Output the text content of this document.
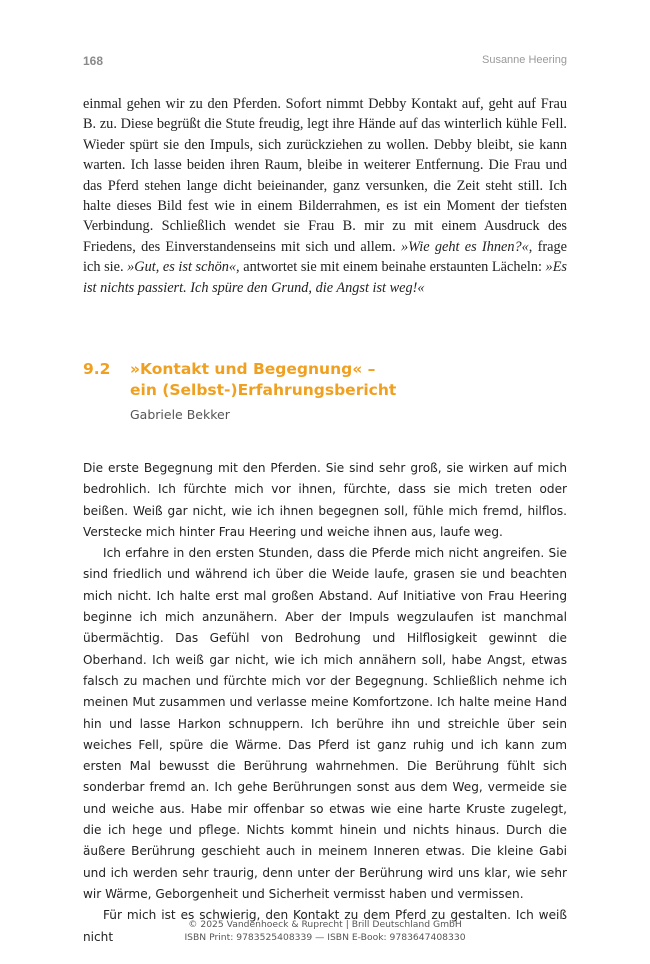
168	Susanne Heering

einmal gehen wir zu den Pferden. Sofort nimmt Debby Kontakt auf, geht auf Frau B. zu. Diese begrüßt die Stute freudig, legt ihre Hände auf das winterlich kühle Fell. Wieder spürt sie den Impuls, sich zurückziehen zu wollen. Debby bleibt, sie kann warten. Ich lasse beiden ihren Raum, bleibe in weiterer Entfernung. Die Frau und das Pferd stehen lange dicht beieinander, ganz versunken, die Zeit steht still. Ich halte dieses Bild fest wie in einem Bilderrahmen, es ist ein Moment der tiefsten Verbindung. Schließlich wendet sie Frau B. mir zu mit einem Ausdruck des Friedens, des Einverstandenseins mit sich und allem. »Wie geht es Ihnen?«, frage ich sie. »Gut, es ist schön«, antwortet sie mit einem beinahe erstaunten Lächeln: »Es ist nichts passiert. Ich spüre den Grund, die Angst ist weg!«

9.2 »Kontakt und Begegnung« –
ein (Selbst-)Erfahrungsbericht
Gabriele Bekker

Die erste Begegnung mit den Pferden. Sie sind sehr groß, sie wirken auf mich bedrohlich. Ich fürchte mich vor ihnen, fürchte, dass sie mich treten oder beißen. Weiß gar nicht, wie ich ihnen begegnen soll, fühle mich fremd, hilflos. Verstecke mich hinter Frau Heering und weiche ihnen aus, laufe weg.

Ich erfahre in den ersten Stunden, dass die Pferde mich nicht angreifen. Sie sind friedlich und während ich über die Weide laufe, grasen sie und beachten mich nicht. Ich halte erst mal großen Abstand. Auf Initiative von Frau Heering beginne ich mich anzunähern. Aber der Impuls wegzulaufen ist manchmal übermächtig. Das Gefühl von Bedrohung und Hilflosigkeit gewinnt die Oberhand. Ich weiß gar nicht, wie ich mich annähern soll, habe Angst, etwas falsch zu machen und fürchte mich vor der Begegnung. Schließlich nehme ich meinen Mut zusammen und verlasse meine Komfortzone. Ich halte meine Hand hin und lasse Harkon schnuppern. Ich berühre ihn und streichle über sein weiches Fell, spüre die Wärme. Das Pferd ist ganz ruhig und ich kann zum ersten Mal bewusst die Berührung wahrnehmen. Die Berührung fühlt sich sonderbar fremd an. Ich gehe Berührungen sonst aus dem Weg, vermeide sie und weiche aus. Habe mir offenbar so etwas wie eine harte Kruste zugelegt, die ich hege und pflege. Nichts kommt hinein und nichts hinaus. Durch die äußere Berührung geschieht auch in meinem Inneren etwas. Die kleine Gabi und ich werden sehr traurig, denn unter der Berührung wird uns klar, wie sehr wir Wärme, Geborgenheit und Sicherheit vermisst haben und vermissen.

Für mich ist es schwierig, den Kontakt zu dem Pferd zu gestalten. Ich weiß nicht

© 2025 Vandenhoeck & Ruprecht | Brill Deutschland GmbH
ISBN Print: 9783525408339 — ISBN E-Book: 9783647408330
